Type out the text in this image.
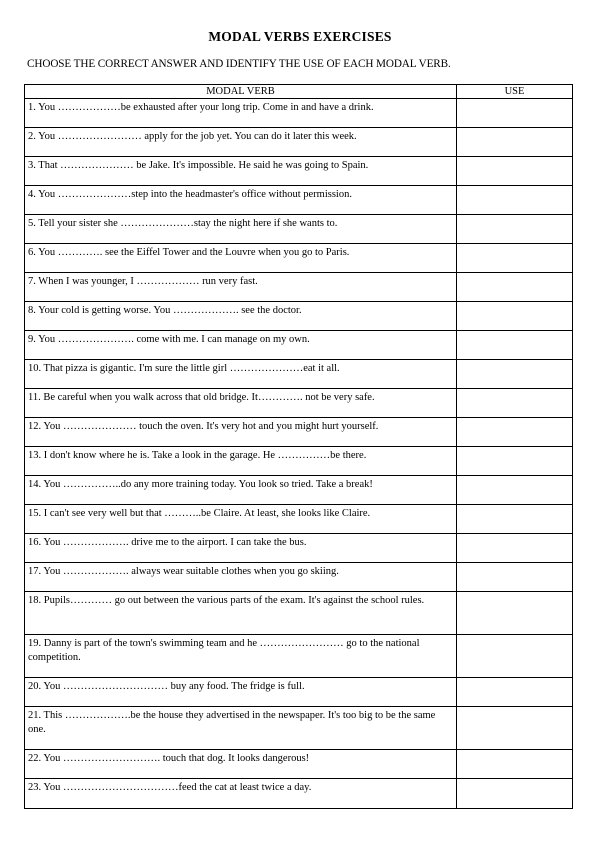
MODAL VERBS EXERCISES
CHOOSE THE CORRECT ANSWER AND IDENTIFY THE USE OF EACH MODAL VERB.
MODAL VERB	USE
1. You ………………be exhausted after your long trip. Come in and have a drink.	
2. You …………………… apply for the job yet. You can do it later this week.	
3. That ………………… be Jake. It's impossible. He said he was going to Spain.	
4. You …………………step into the headmaster's office without permission.	
5. Tell your sister she …………………stay the night here if she wants to.	
6. You …………. see the Eiffel Tower and the Louvre when you go to Paris.	
7. When I was younger, I ……………… run very fast.	
8. Your cold is getting worse. You ………………. see the doctor.	
9. You …………………. come with me. I can manage on my own.	
10. That pizza is gigantic. I'm sure the little girl …………………eat it all.	
11. Be careful when you walk across that old bridge. It…………. not be very safe.	
12. You ………………… touch the oven. It's very hot and you might hurt yourself.	
13. I don't know where he is. Take a look in the garage. He ……………be there.	
14. You ……………..do any more training today. You look so tried. Take a break!	
15. I can't see very well but that ………..be Claire. At least, she looks like Claire.	
16. You ………………. drive me to the airport. I can take the bus.	
17. You ………………. always wear suitable clothes when you go skiing.	
18. Pupils………… go out between the various parts of the exam. It's against the school rules.	
19. Danny is part of the town's swimming team and he …………………… go to the national competition.	
20. You ………………………… buy any food. The fridge is full.	
21. This ……………….be the house they advertised in the newspaper. It's too big to be the same one.	
22. You ………………………. touch that dog. It looks dangerous!	
23. You ……………………………feed the cat at least twice a day.	
